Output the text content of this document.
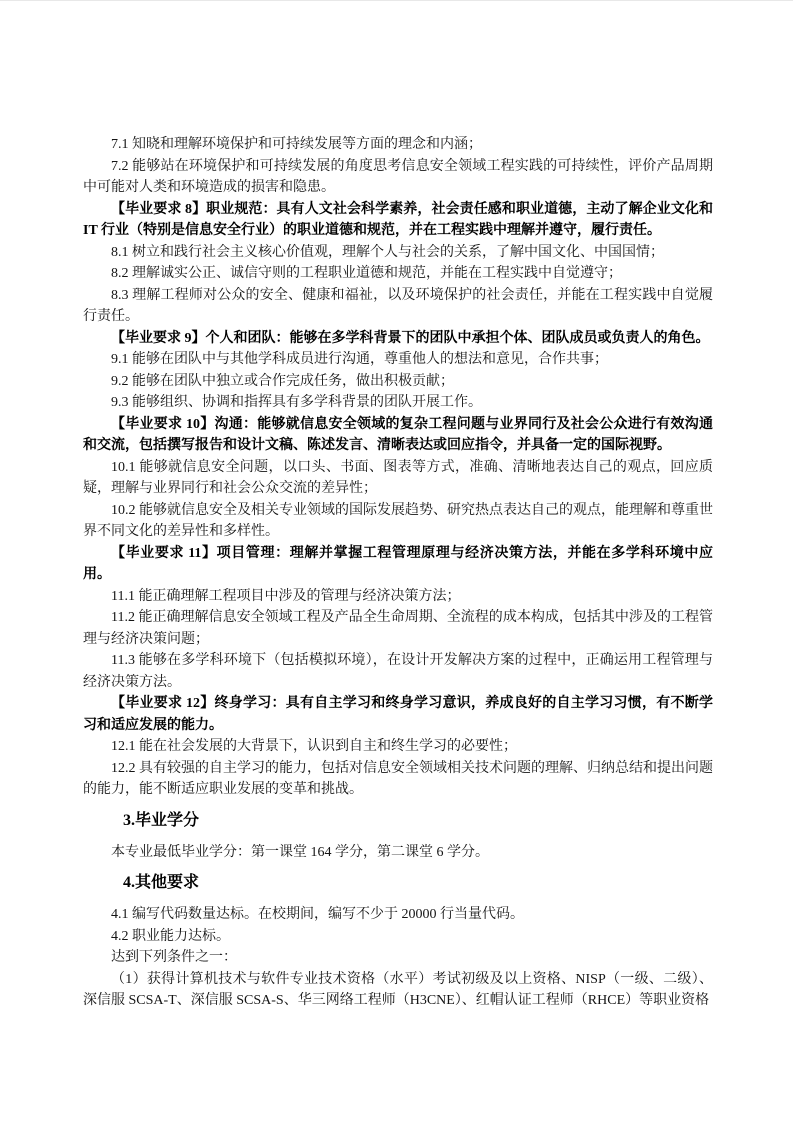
7.1 知晓和理解环境保护和可持续发展等方面的理念和内涵；

7.2 能够站在环境保护和可持续发展的角度思考信息安全领域工程实践的可持续性，评价产品周期中可能对人类和环境造成的损害和隐患。

【毕业要求 8】职业规范：具有人文社会科学素养，社会责任感和职业道德，主动了解企业文化和 IT 行业（特别是信息安全行业）的职业道德和规范，并在工程实践中理解并遵守，履行责任。

8.1 树立和践行社会主义核心价值观，理解个人与社会的关系，了解中国文化、中国国情；

8.2 理解诚实公正、诚信守则的工程职业道德和规范，并能在工程实践中自觉遵守；

8.3 理解工程师对公众的安全、健康和福祉，以及环境保护的社会责任，并能在工程实践中自觉履行责任。

【毕业要求 9】个人和团队：能够在多学科背景下的团队中承担个体、团队成员或负责人的角色。

9.1 能够在团队中与其他学科成员进行沟通，尊重他人的想法和意见，合作共事；

9.2 能够在团队中独立或合作完成任务，做出积极贡献；

9.3 能够组织、协调和指挥具有多学科背景的团队开展工作。

【毕业要求 10】沟通：能够就信息安全领域的复杂工程问题与业界同行及社会公众进行有效沟通和交流，包括撰写报告和设计文稿、陈述发言、清晰表达或回应指令，并具备一定的国际视野。

10.1 能够就信息安全问题，以口头、书面、图表等方式，准确、清晰地表达自己的观点，回应质疑，理解与业界同行和社会公众交流的差异性；

10.2 能够就信息安全及相关专业领域的国际发展趋势、研究热点表达自己的观点，能理解和尊重世界不同文化的差异性和多样性。

【毕业要求 11】项目管理：理解并掌握工程管理原理与经济决策方法，并能在多学科环境中应用。

11.1 能正确理解工程项目中涉及的管理与经济决策方法；

11.2 能正确理解信息安全领域工程及产品全生命周期、全流程的成本构成，包括其中涉及的工程管理与经济决策问题；

11.3 能够在多学科环境下（包括模拟环境），在设计开发解决方案的过程中，正确运用工程管理与经济决策方法。

【毕业要求 12】终身学习：具有自主学习和终身学习意识，养成良好的自主学习习惯，有不断学习和适应发展的能力。

12.1 能在社会发展的大背景下，认识到自主和终生学习的必要性；

12.2 具有较强的自主学习的能力，包括对信息安全领域相关技术问题的理解、归纳总结和提出问题的能力，能不断适应职业发展的变革和挑战。

3.毕业学分

本专业最低毕业学分：第一课堂 164 学分，第二课堂 6 学分。

4.其他要求

4.1 编写代码数量达标。在校期间，编写不少于 20000 行当量代码。

4.2 职业能力达标。

达到下列条件之一：

（1）获得计算机技术与软件专业技术资格（水平）考试初级及以上资格、NISP（一级、二级）、深信服 SCSA-T、深信服 SCSA-S、华三网络工程师（H3CNE）、红帽认证工程师（RHCE）等职业资格
